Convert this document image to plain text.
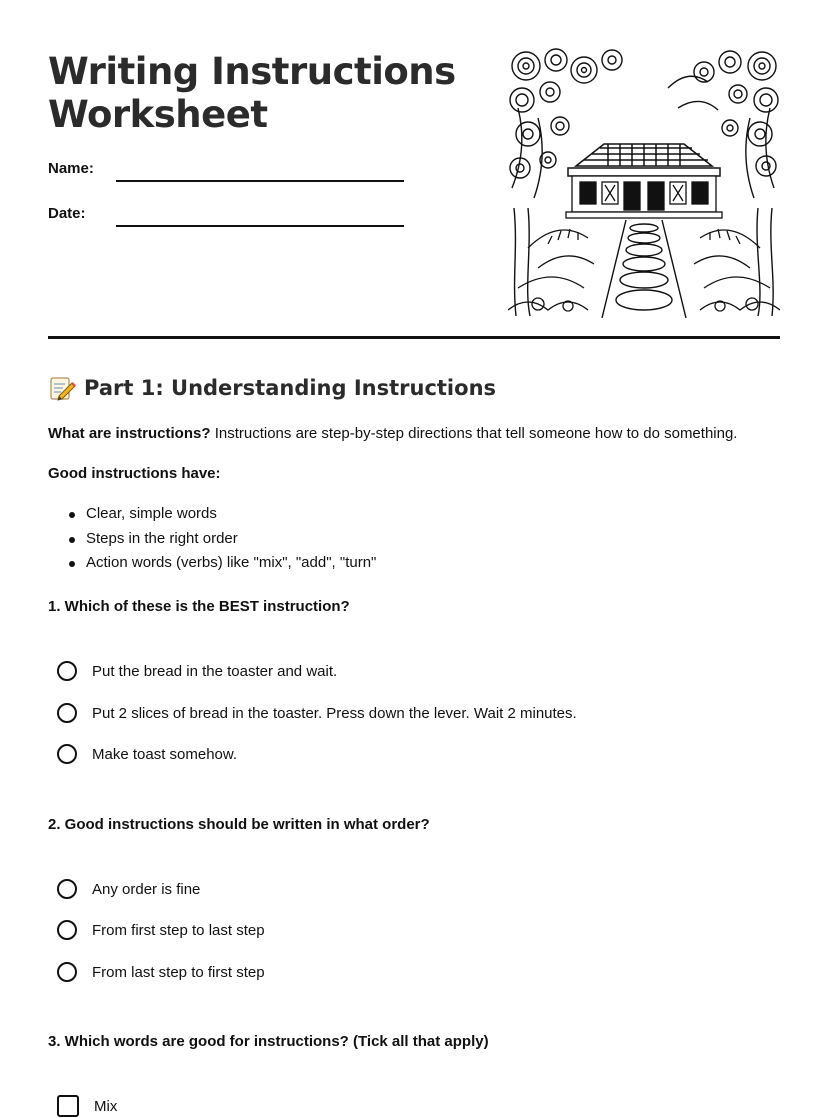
Writing Instructions
Worksheet
Name:
Date:
Part 1: Understanding Instructions
What are instructions? Instructions are step-by-step directions that tell someone how to do something.
Good instructions have:
Clear, simple words
Steps in the right order
Action words (verbs) like "mix", "add", "turn"
1. Which of these is the BEST instruction?
Put the bread in the toaster and wait.
Put 2 slices of bread in the toaster. Press down the lever. Wait 2 minutes.
Make toast somehow.
2. Good instructions should be written in what order?
Any order is fine
From first step to last step
From last step to first step
3. Which words are good for instructions? (Tick all that apply)
Mix
